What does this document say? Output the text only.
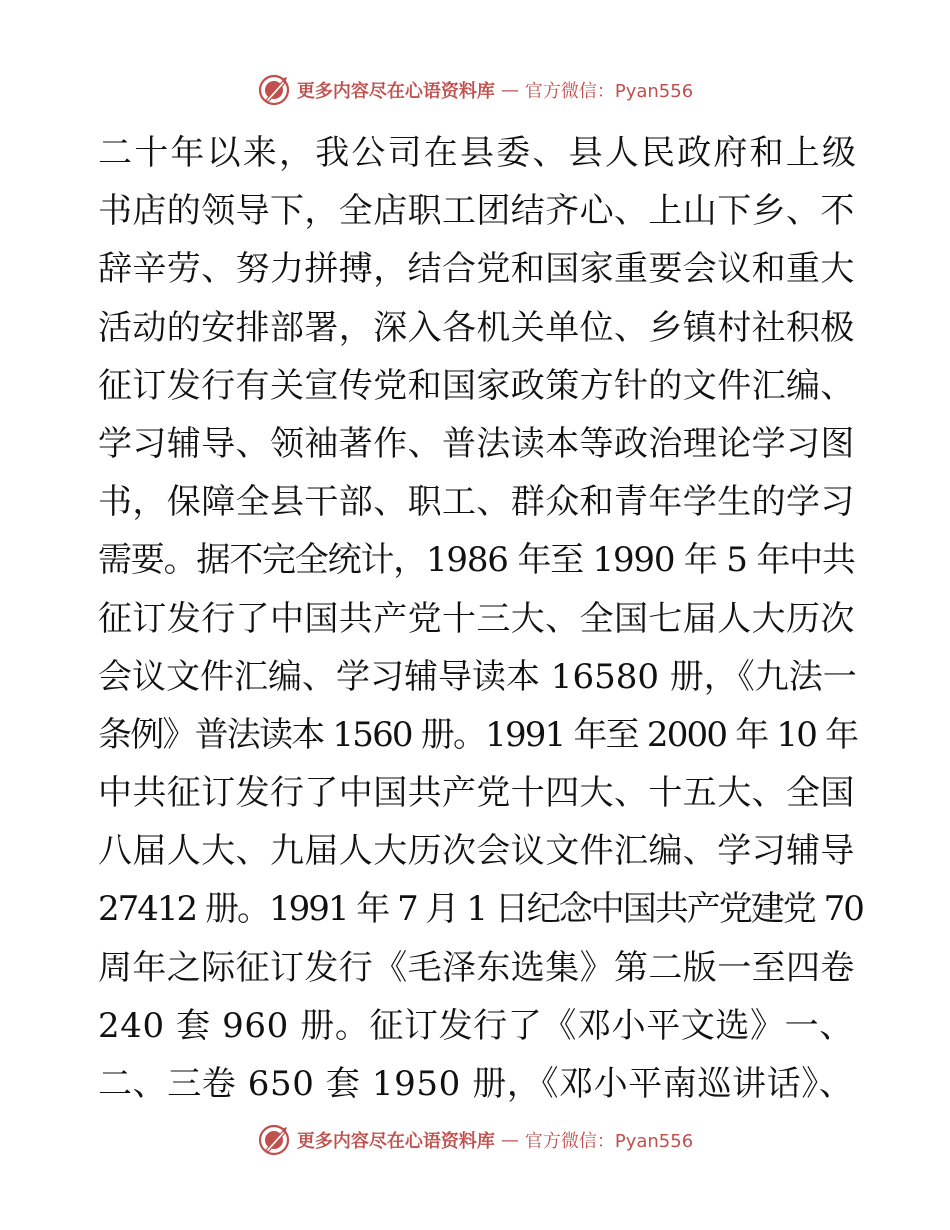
更多内容尽在心语资料库 — 官方微信：Pyan556
二十年以来，我公司在县委、县人民政府和上级
书店的领导下，全店职工团结齐心、上山下乡、不
辞辛劳、努力拼搏，结合党和国家重要会议和重大
活动的安排部署，深入各机关单位、乡镇村社积极
征订发行有关宣传党和国家政策方针的文件汇编、
学习辅导、领袖著作、普法读本等政治理论学习图
书，保障全县干部、职工、群众和青年学生的学习
需要。据不完全统计，1986 年至 1990 年 5 年中共
征订发行了中国共产党十三大、全国七届人大历次
会议文件汇编、学习辅导读本 16580 册，《九法一
条例》普法读本 1560 册。1991 年至 2000 年 10 年
中共征订发行了中国共产党十四大、十五大、全国
八届人大、九届人大历次会议文件汇编、学习辅导
27412 册。1991 年 7 月 1 日纪念中国共产党建党 70
周年之际征订发行《毛泽东选集》第二版一至四卷
240 套 960 册。征订发行了《邓小平文选》一、
二、三卷 650 套 1950 册，《邓小平南巡讲话》、
更多内容尽在心语资料库 — 官方微信：Pyan556
